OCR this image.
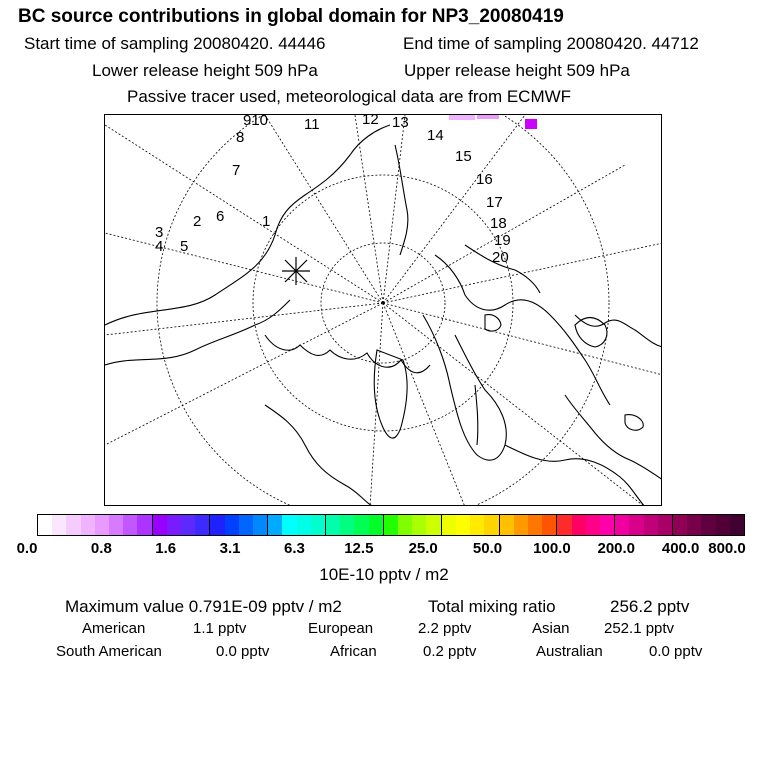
BC source contributions in global domain for NP3_20080419
Start time of sampling 20080420. 44446	End time of sampling 20080420. 44712
Lower release height 509 hPa	Upper release height 509 hPa
Passive tracer used, meteorological data are from ECMWF
1
2
3
4 5
6
7
8
910 11	12 13
14
15
16
17
18
19
20
0.0	0.8	1.6	3.1	6.3	12.5 25.0 50.0 100.0 200.0 400.0 800.0
10E-10 pptv / m2
Maximum value 0.791E-09 pptv / m2	Total mixing ratio	256.2 pptv
American	1.1 pptv	European	2.2 pptv	Asian 252.1 pptv
South American	0.0 pptv	African	0.2 pptv	Australian	0.0 pptv
